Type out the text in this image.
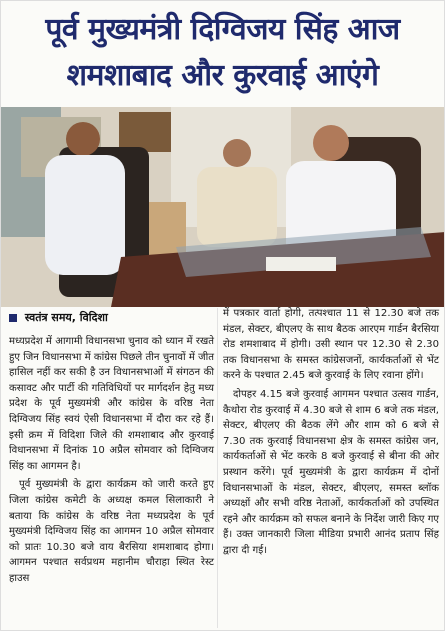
पूर्व मुख्यमंत्री दिग्विजय सिंह आज
शमशाबाद और कुरवाई आएंगे
स्वतंत्र समय, विदिशा

मध्यप्रदेश में आगामी विधानसभा चुनाव को ध्यान में रखते हुए जिन विधानसभा में कांग्रेस पिछले तीन चुनावों में जीत हासिल नहीं कर सकी है उन विधानसभाओं में संगठन की कसावट और पार्टी की गतिविधियों पर मार्गदर्शन हेतु मध्य प्रदेश के पूर्व मुख्यमंत्री और कांग्रेस के वरिष्ठ नेता दिग्विजय सिंह स्वयं ऐसी विधानसभा में दौरा कर रहे हैं। इसी क्रम में विदिशा जिले की शमशाबाद और कुरवाई विधानसभा में दिनांक 10 अप्रैल सोमवार को दिग्विजय सिंह का आगमन है।

पूर्व मुख्यमंत्री के द्वारा कार्यक्रम को जारी करते हुए जिला कांग्रेस कमेटी के अध्यक्ष कमल सिलाकारी ने बताया कि कांग्रेस के वरिष्ठ नेता मध्यप्रदेश के पूर्व मुख्यमंत्री दिग्विजय सिंह का आगमन 10 अप्रैल सोमवार को प्रातः 10.30 बजे वाय बैरसिया शमशाबाद होगा। आगमन पश्चात सर्वप्रथम महानीम चौराहा स्थित रेस्ट हाउस

में पत्रकार वार्ता होगी, तत्पश्चात 11 से 12.30 बजे तक मंडल, सेक्टर, बीएलए के साथ बैठक आरएम गार्डन बैरसिया रोड शमशाबाद में होगी। उसी स्थान पर 12.30 से 2.30 तक विधानसभा के समस्त कांग्रेसजनों, कार्यकर्ताओं से भेंट करने के पश्चात 2.45 बजे कुरवाई के लिए रवाना होंगे।

दोपहर 4.15 बजे कुरवाई आगमन पश्चात उत्सव गार्डन, कैथोरा रोड कुरवाई में 4.30 बजे से शाम 6 बजे तक मंडल, सेक्टर, बीएलए की बैठक लेंगे और शाम को 6 बजे से 7.30 तक कुरवाई विधानसभा क्षेत्र के समस्त कांग्रेस जन, कार्यकर्ताओं से भेंट करके 8 बजे कुरवाई से बीना की ओर प्रस्थान करेंगे। पूर्व मुख्यमंत्री के द्वारा कार्यक्रम में दोनों विधानसभाओं के मंडल, सेक्टर, बीएलए, समस्त ब्लॉक अध्यक्षों और सभी वरिष्ठ नेताओं, कार्यकर्ताओं को उपस्थित रहने और कार्यक्रम को सफल बनाने के निर्देश जारी किए गए हैं। उक्त जानकारी जिला मीडिया प्रभारी आनंद प्रताप सिंह द्वारा दी गई।
